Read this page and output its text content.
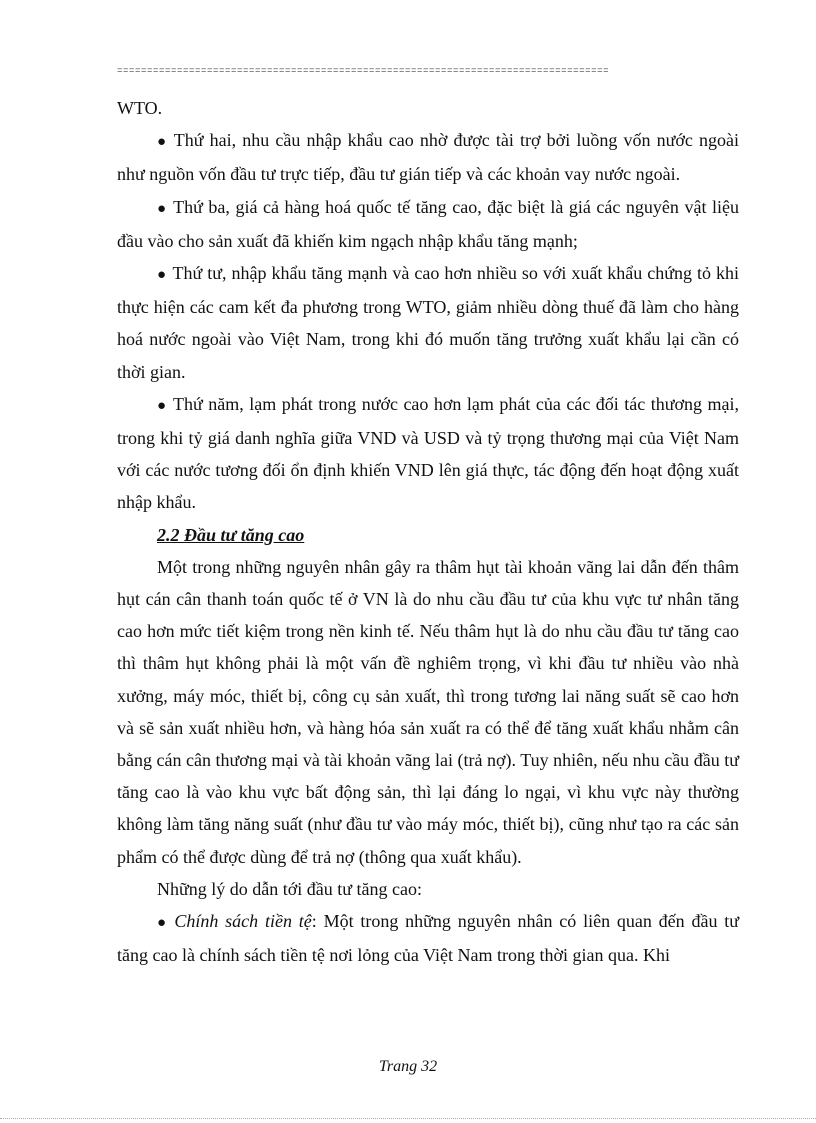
==================================================================================

WTO.

● Thứ hai, nhu cầu nhập khẩu cao nhờ được tài trợ bởi luồng vốn nước ngoài như nguồn vốn đầu tư trực tiếp, đầu tư gián tiếp và các khoản vay nước ngoài.

● Thứ ba, giá cả hàng hoá quốc tế tăng cao, đặc biệt là giá các nguyên vật liệu đầu vào cho sản xuất đã khiến kim ngạch nhập khẩu tăng mạnh;

● Thứ tư, nhập khẩu tăng mạnh và cao hơn nhiều so với xuất khẩu chứng tỏ khi thực hiện các cam kết đa phương trong WTO, giảm nhiều dòng thuế đã làm cho hàng hoá nước ngoài vào Việt Nam, trong khi đó muốn tăng trưởng xuất khẩu lại cần có thời gian.

● Thứ năm, lạm phát trong nước cao hơn lạm phát của các đối tác thương mại, trong khi tỷ giá danh nghĩa giữa VND và USD và tỷ trọng thương mại của Việt Nam với các nước tương đối ổn định khiến VND lên giá thực, tác động đến hoạt động xuất nhập khẩu.

2.2 Đầu tư tăng cao

Một trong những nguyên nhân gây ra thâm hụt tài khoản vãng lai dẫn đến thâm hụt cán cân thanh toán quốc tế ở VN là do nhu cầu đầu tư của khu vực tư nhân tăng cao hơn mức tiết kiệm trong nền kinh tế. Nếu thâm hụt là do nhu cầu đầu tư tăng cao thì thâm hụt không phải là một vấn đề nghiêm trọng, vì khi đầu tư nhiều vào nhà xưởng, máy móc, thiết bị, công cụ sản xuất, thì trong tương lai năng suất sẽ cao hơn và sẽ sản xuất nhiều hơn, và hàng hóa sản xuất ra có thể để tăng xuất khẩu nhằm cân bằng cán cân thương mại và tài khoản vãng lai (trả nợ). Tuy nhiên, nếu nhu cầu đầu tư tăng cao là vào khu vực bất động sản, thì lại đáng lo ngại, vì khu vực này thường không làm tăng năng suất (như đầu tư vào máy móc, thiết bị), cũng như tạo ra các sản phẩm có thể được dùng để trả nợ (thông qua xuất khẩu).

Những lý do dẫn tới đầu tư tăng cao:

● Chính sách tiền tệ: Một trong những nguyên nhân có liên quan đến đầu tư tăng cao là chính sách tiền tệ nơi lỏng của Việt Nam trong thời gian qua. Khi

Trang 32
